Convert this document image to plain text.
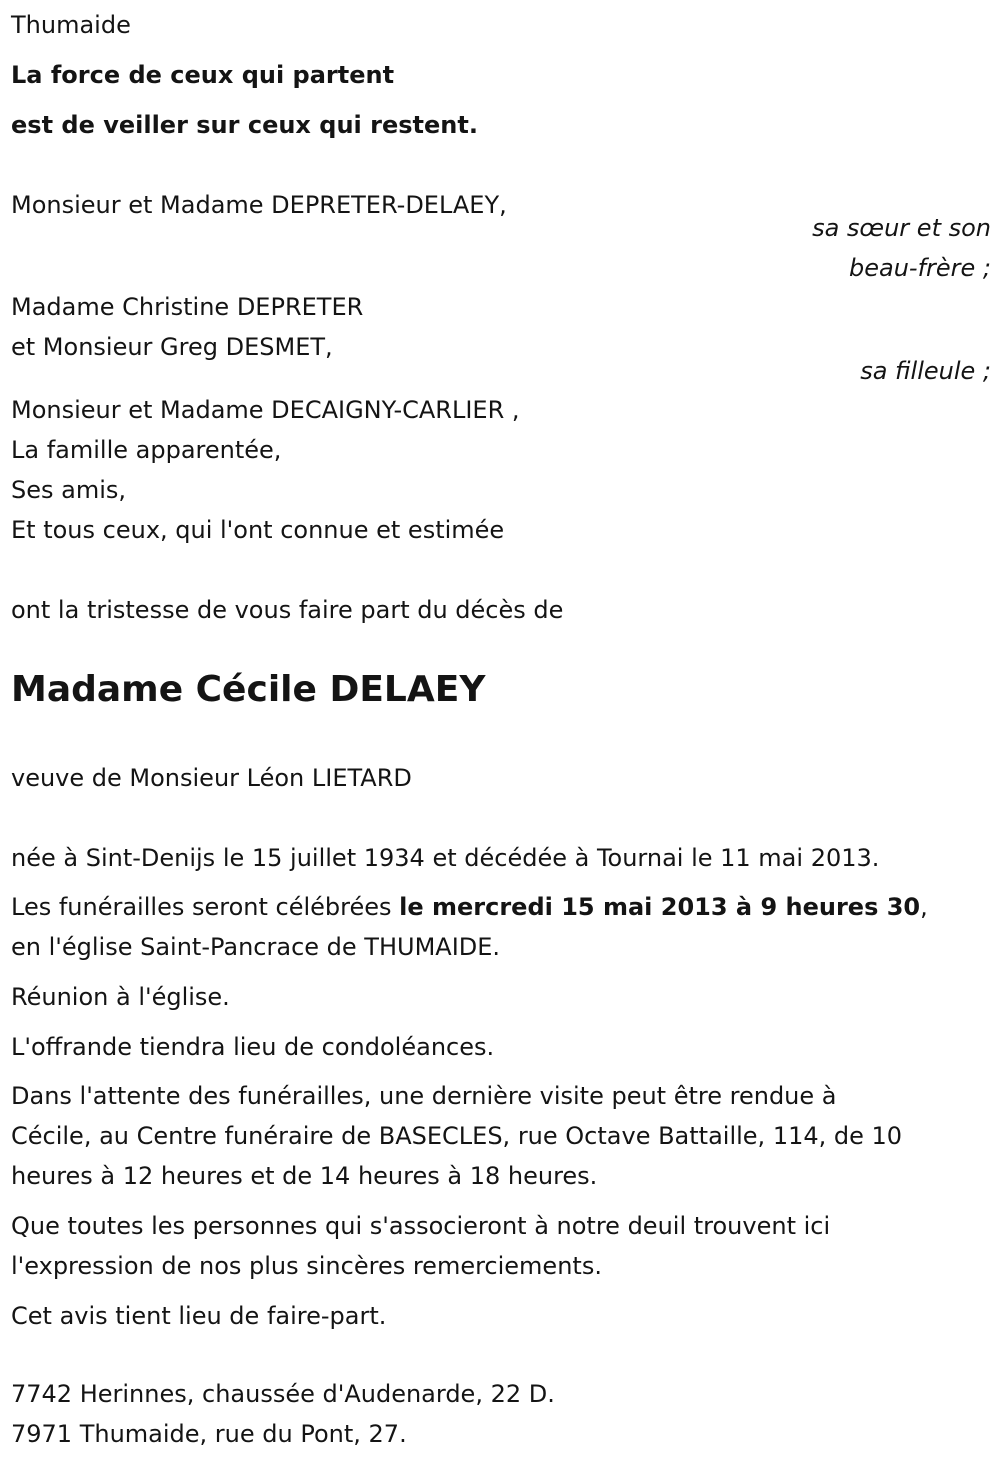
Thumaide
La force de ceux qui partent
est de veiller sur ceux qui restent.
Monsieur et Madame DEPRETER-DELAEY,
sa sœur et son
beau-frère ;
Madame Christine DEPRETER
et Monsieur Greg DESMET,
sa filleule ;
Monsieur et Madame DECAIGNY-CARLIER ,
La famille apparentée,
Ses amis,
Et tous ceux, qui l'ont connue et estimée
ont la tristesse de vous faire part du décès de
Madame Cécile DELAEY
veuve de Monsieur Léon LIETARD
née à Sint-Denijs le 15 juillet 1934 et décédée à Tournai le 11 mai 2013.
Les funérailles seront célébrées le mercredi 15 mai 2013 à 9 heures 30,
en l'église Saint-Pancrace de THUMAIDE.
Réunion à l'église.
L'offrande tiendra lieu de condoléances.
Dans l'attente des funérailles, une dernière visite peut être rendue à
Cécile, au Centre funéraire de BASECLES, rue Octave Battaille, 114, de 10
heures à 12 heures et de 14 heures à 18 heures.
Que toutes les personnes qui s'associeront à notre deuil trouvent ici
l'expression de nos plus sincères remerciements.
Cet avis tient lieu de faire-part.
7742 Herinnes, chaussée d'Audenarde, 22 D.
7971 Thumaide, rue du Pont, 27.
